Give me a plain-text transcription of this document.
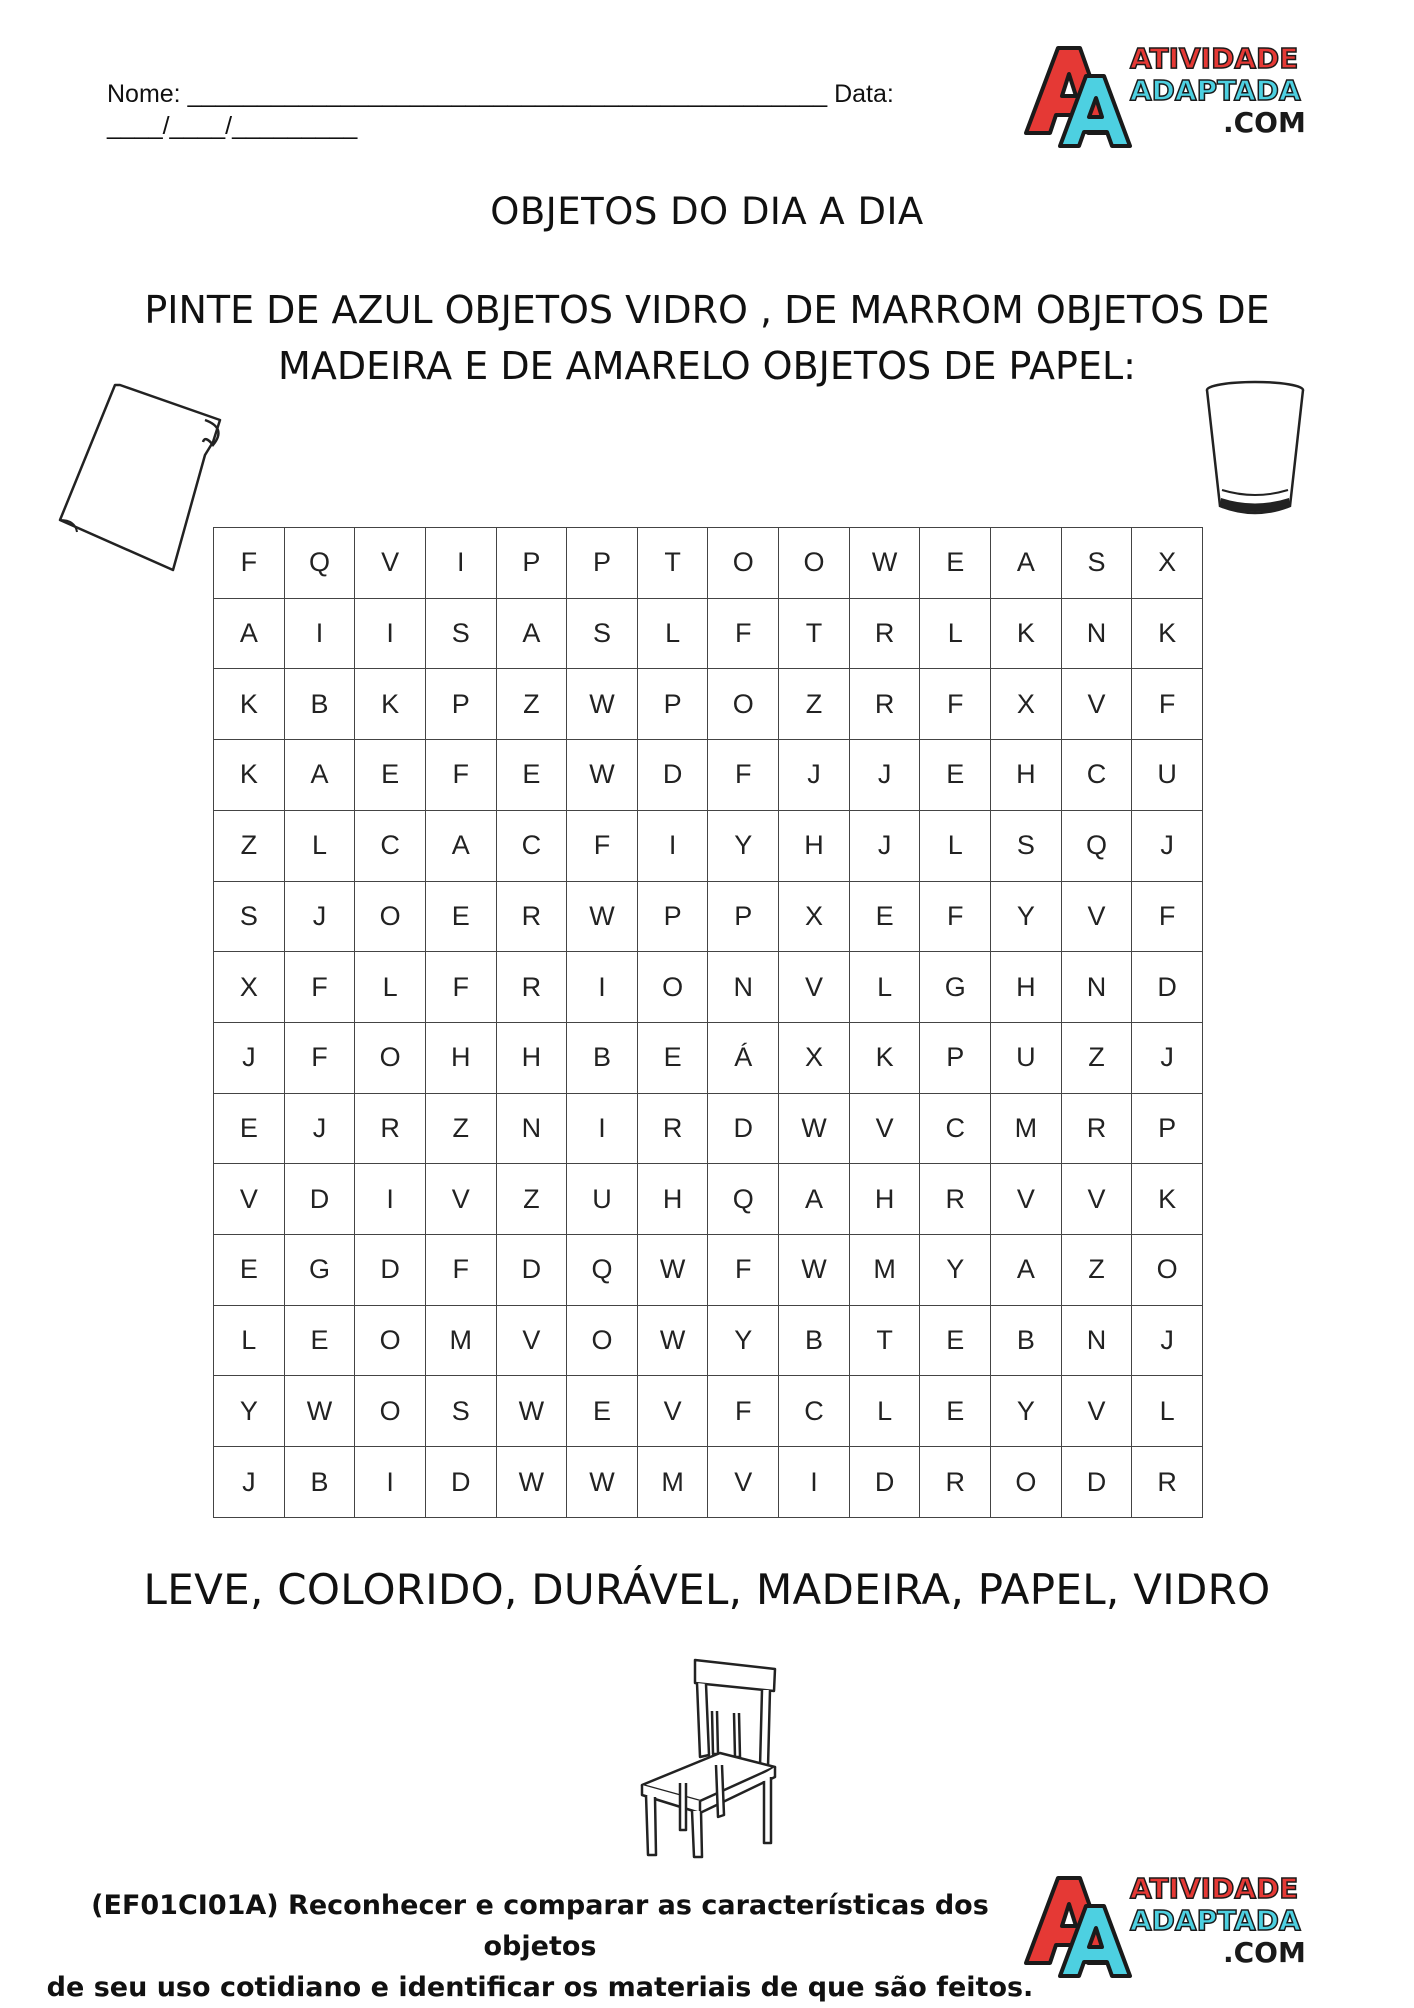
Nome: ______________________________________________ Data:
____/____/_________
ATIVIDADE
ADAPTADA
.COM
OBJETOS DO DIA A DIA
PINTE DE AZUL OBJETOS VIDRO , DE MARROM OBJETOS DE
MADEIRA E DE AMARELO OBJETOS DE PAPEL:
F	Q	V	I	P	P	T	O	O	W	E	A	S	X
A	I	I	S	A	S	L	F	T	R	L	K	N	K
K	B	K	P	Z	W	P	O	Z	R	F	X	V	F
K	A	E	F	E	W	D	F	J	J	E	H	C	U
Z	L	C	A	C	F	I	Y	H	J	L	S	Q	J
S	J	O	E	R	W	P	P	X	E	F	Y	V	F
X	F	L	F	R	I	O	N	V	L	G	H	N	D
J	F	O	H	H	B	E	Á	X	K	P	U	Z	J
E	J	R	Z	N	I	R	D	W	V	C	M	R	P
V	D	I	V	Z	U	H	Q	A	H	R	V	V	K
E	G	D	F	D	Q	W	F	W	M	Y	A	Z	O
L	E	O	M	V	O	W	Y	B	T	E	B	N	J
Y	W	O	S	W	E	V	F	C	L	E	Y	V	L
J	B	I	D	W	W	M	V	I	D	R	O	D	R
LEVE, COLORIDO, DURÁVEL, MADEIRA, PAPEL, VIDRO
(EF01CI01A) Reconhecer e comparar as características dos objetos
de seu uso cotidiano e identificar os materiais de que são feitos.
ATIVIDADE
ADAPTADA
.COM
